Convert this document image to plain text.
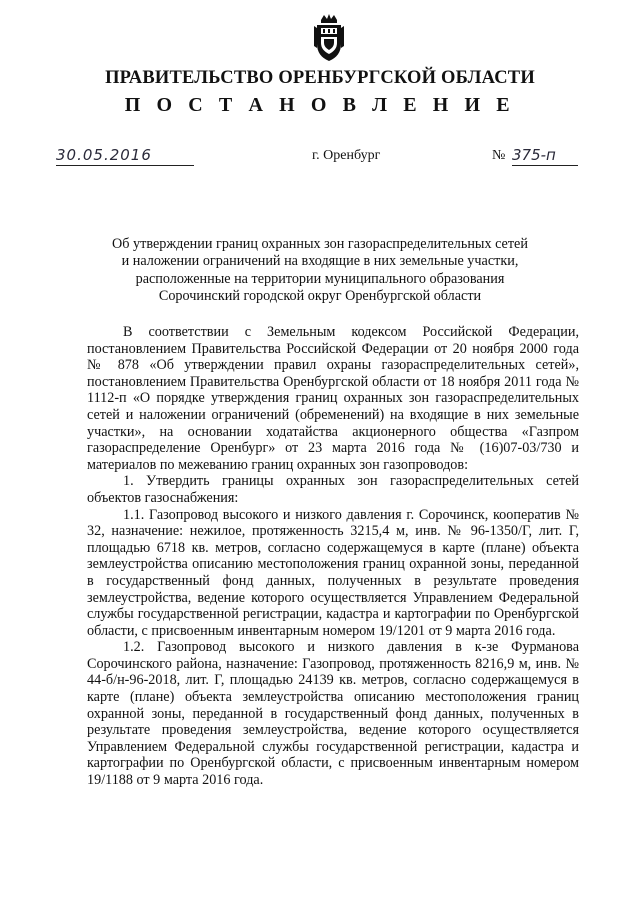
ПРАВИТЕЛЬСТВО ОРЕНБУРГСКОЙ ОБЛАСТИ
П О С Т А Н О В Л Е Н И Е
30.05.2016	г. Оренбург	№ 375-п
Об утверждении границ охранных зон газораспределительных сетей
и наложении ограничений на входящие в них земельные участки,
расположенные на территории муниципального образования
Сорочинский городской округ Оренбургской области

В соответствии с Земельным кодексом Российской Федерации, постановлением Правительства Российской Федерации от 20 ноября 2000 года № 878 «Об утверждении правил охраны газораспределительных сетей», постановлением Правительства Оренбургской области от 18 ноября 2011 года № 1112-п «О порядке утверждения границ охранных зон газораспределительных сетей и наложении ограничений (обременений) на входящие в них земельные участки», на основании ходатайства акционерного общества «Газпром газораспределение Оренбург» от 23 марта 2016 года № (16)07-03/730 и материалов по межеванию границ охранных зон газопроводов:

1. Утвердить границы охранных зон газораспределительных сетей объектов газоснабжения:

1.1. Газопровод высокого и низкого давления г. Сорочинск, кооператив № 32, назначение: нежилое, протяженность 3215,4 м, инв. № 96-1350/Г, лит. Г, площадью 6718 кв. метров, согласно содержащемуся в карте (плане) объекта землеустройства описанию местоположения границ охранной зоны, переданной в государственный фонд данных, полученных в результате проведения землеустройства, ведение которого осуществляется Управлением Федеральной службы государственной регистрации, кадастра и картографии по Оренбургской области, с присвоенным инвентарным номером 19/1201 от 9 марта 2016 года.

1.2. Газопровод высокого и низкого давления в к-зе Фурманова Сорочинского района, назначение: Газопровод, протяженность 8216,9 м, инв. № 44-б/н-96-2018, лит. Г, площадью 24139 кв. метров, согласно содержащемуся в карте (плане) объекта землеустройства описанию местоположения границ охранной зоны, переданной в государственный фонд данных, полученных в результате проведения землеустройства, ведение которого осуществляется Управлением Федеральной службы государственной регистрации, кадастра и картографии по Оренбургской области, с присвоенным инвентарным номером 19/1188 от 9 марта 2016 года.
